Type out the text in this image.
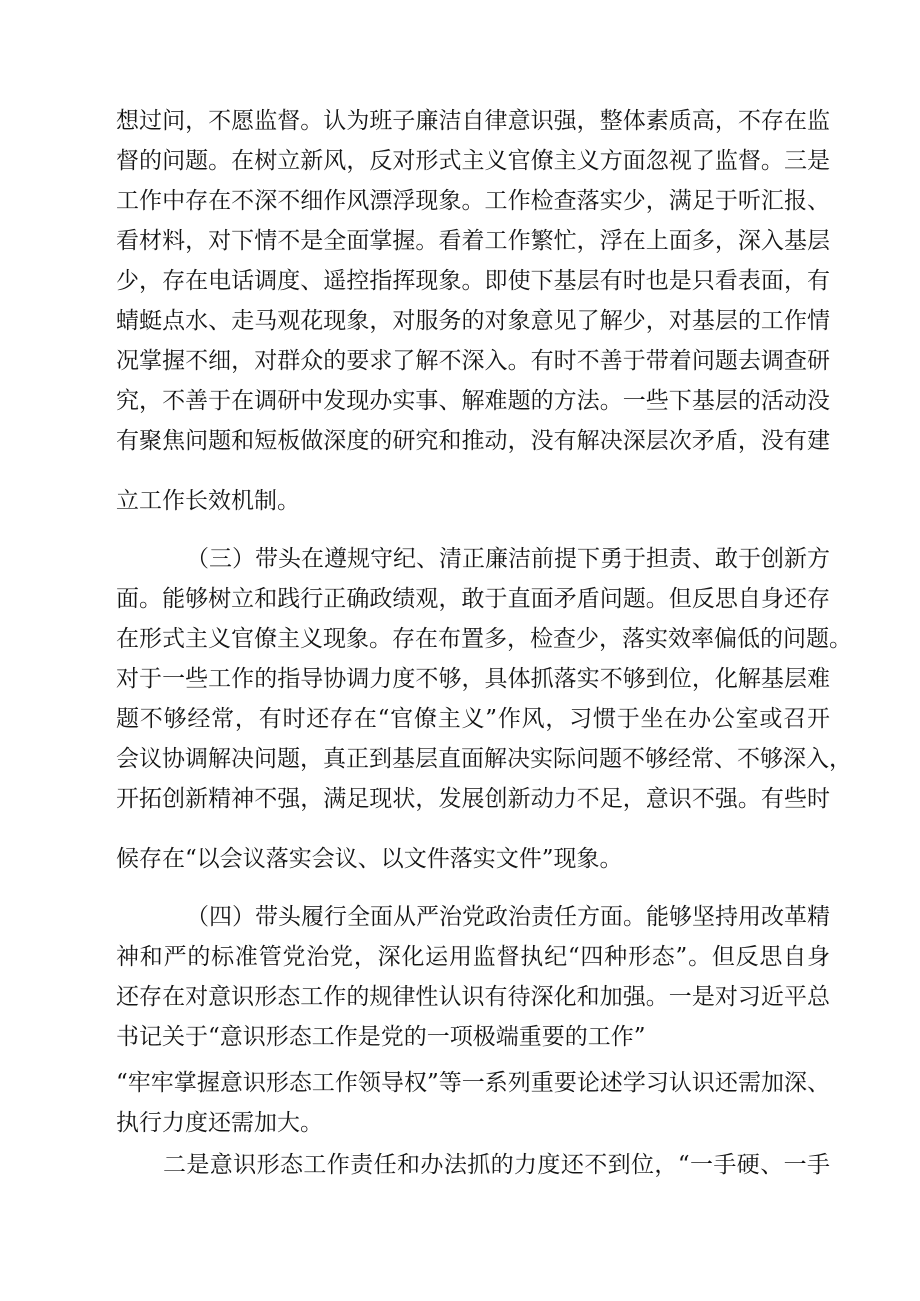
想过问，不愿监督。认为班子廉洁自律意识强，整体素质高，不存在监
督的问题。在树立新风，反对形式主义官僚主义方面忽视了监督。三是
工作中存在不深不细作风漂浮现象。工作检查落实少，满足于听汇报、
看材料，对下情不是全面掌握。看着工作繁忙，浮在上面多，深入基层
少，存在电话调度、遥控指挥现象。即使下基层有时也是只看表面，有
蜻蜓点水、走马观花现象，对服务的对象意见了解少，对基层的工作情
况掌握不细，对群众的要求了解不深入。有时不善于带着问题去调查研
究，不善于在调研中发现办实事、解难题的方法。一些下基层的活动没
有聚焦问题和短板做深度的研究和推动，没有解决深层次矛盾，没有建
立工作长效机制。
（三）带头在遵规守纪、清正廉洁前提下勇于担责、敢于创新方
面。能够树立和践行正确政绩观，敢于直面矛盾问题。但反思自身还存
在形式主义官僚主义现象。存在布置多，检查少，落实效率偏低的问题。
对于一些工作的指导协调力度不够，具体抓落实不够到位，化解基层难
题不够经常，有时还存在“官僚主义”作风，习惯于坐在办公室或召开
会议协调解决问题，真正到基层直面解决实际问题不够经常、不够深入，
开拓创新精神不强，满足现状，发展创新动力不足，意识不强。有些时
候存在“以会议落实会议、以文件落实文件”现象。
（四）带头履行全面从严治党政治责任方面。能够坚持用改革精
神和严的标准管党治党，深化运用监督执纪“四种形态”。但反思自身
还存在对意识形态工作的规律性认识有待深化和加强。一是对习近平总
书记关于“意识形态工作是党的一项极端重要的工作”
“牢牢掌握意识形态工作领导权”等一系列重要论述学习认识还需加深、
执行力度还需加大。
二是意识形态工作责任和办法抓的力度还不到位，“一手硬、一手
